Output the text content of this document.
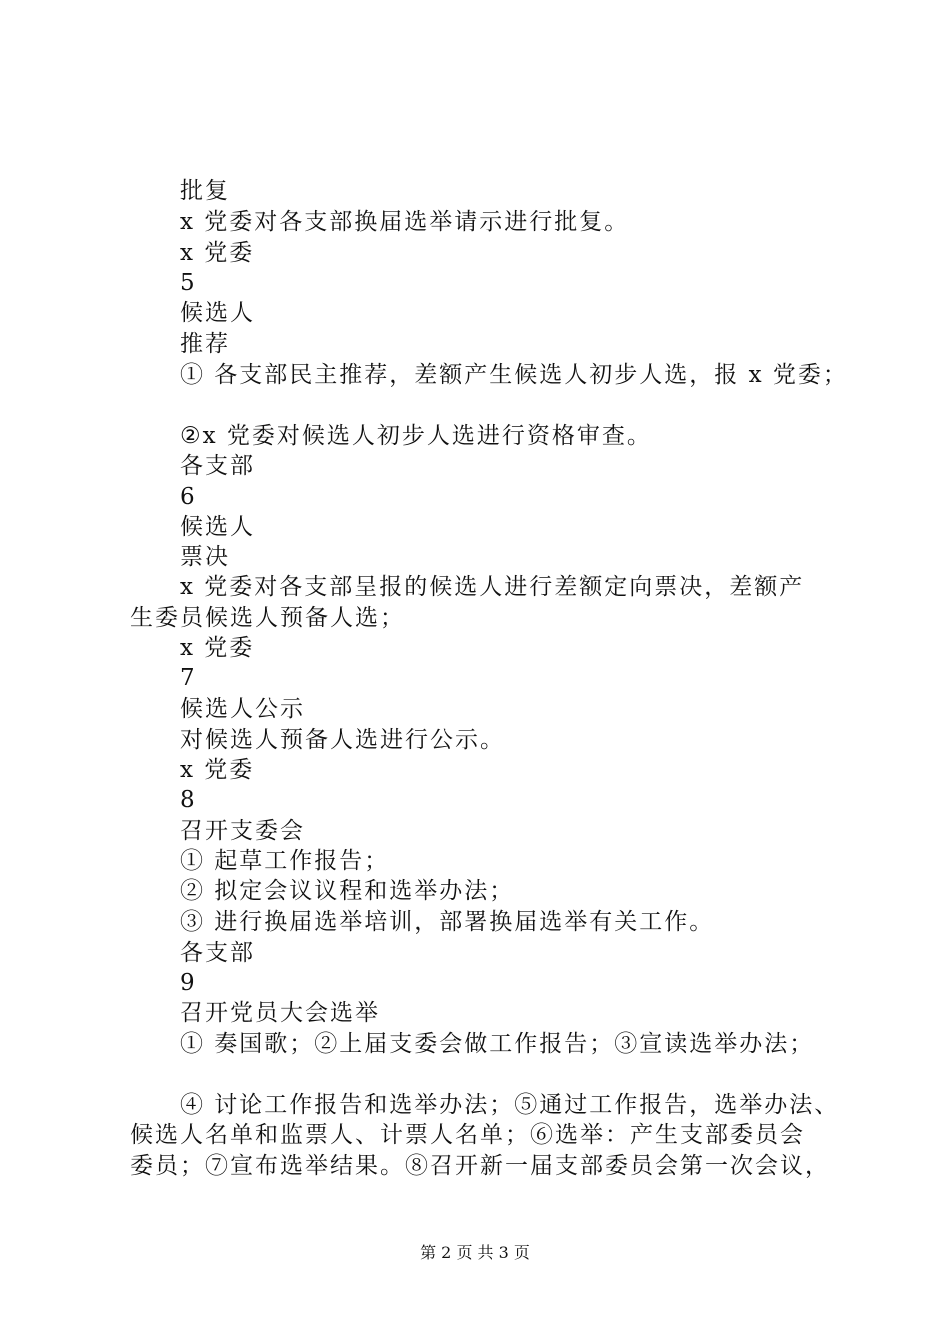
批复
x 党委对各支部换届选举请示进行批复。
x 党委
5
候选人
推荐
① 各支部民主推荐，差额产生候选人初步人选，报 x 党委；
②x 党委对候选人初步人选进行资格审查。
各支部
6
候选人
票决
x 党委对各支部呈报的候选人进行差额定向票决，差额产
生委员候选人预备人选；
x 党委
7
候选人公示
对候选人预备人选进行公示。
x 党委
8
召开支委会
① 起草工作报告；
② 拟定会议议程和选举办法；
③ 进行换届选举培训，部署换届选举有关工作。
各支部
9
召开党员大会选举
① 奏国歌；②上届支委会做工作报告；③宣读选举办法；
④ 讨论工作报告和选举办法；⑤通过工作报告，选举办法、
候选人名单和监票人、计票人名单；⑥选举：产生支部委员会
委员；⑦宣布选举结果。⑧召开新一届支部委员会第一次会议，
第 2 页 共 3 页
